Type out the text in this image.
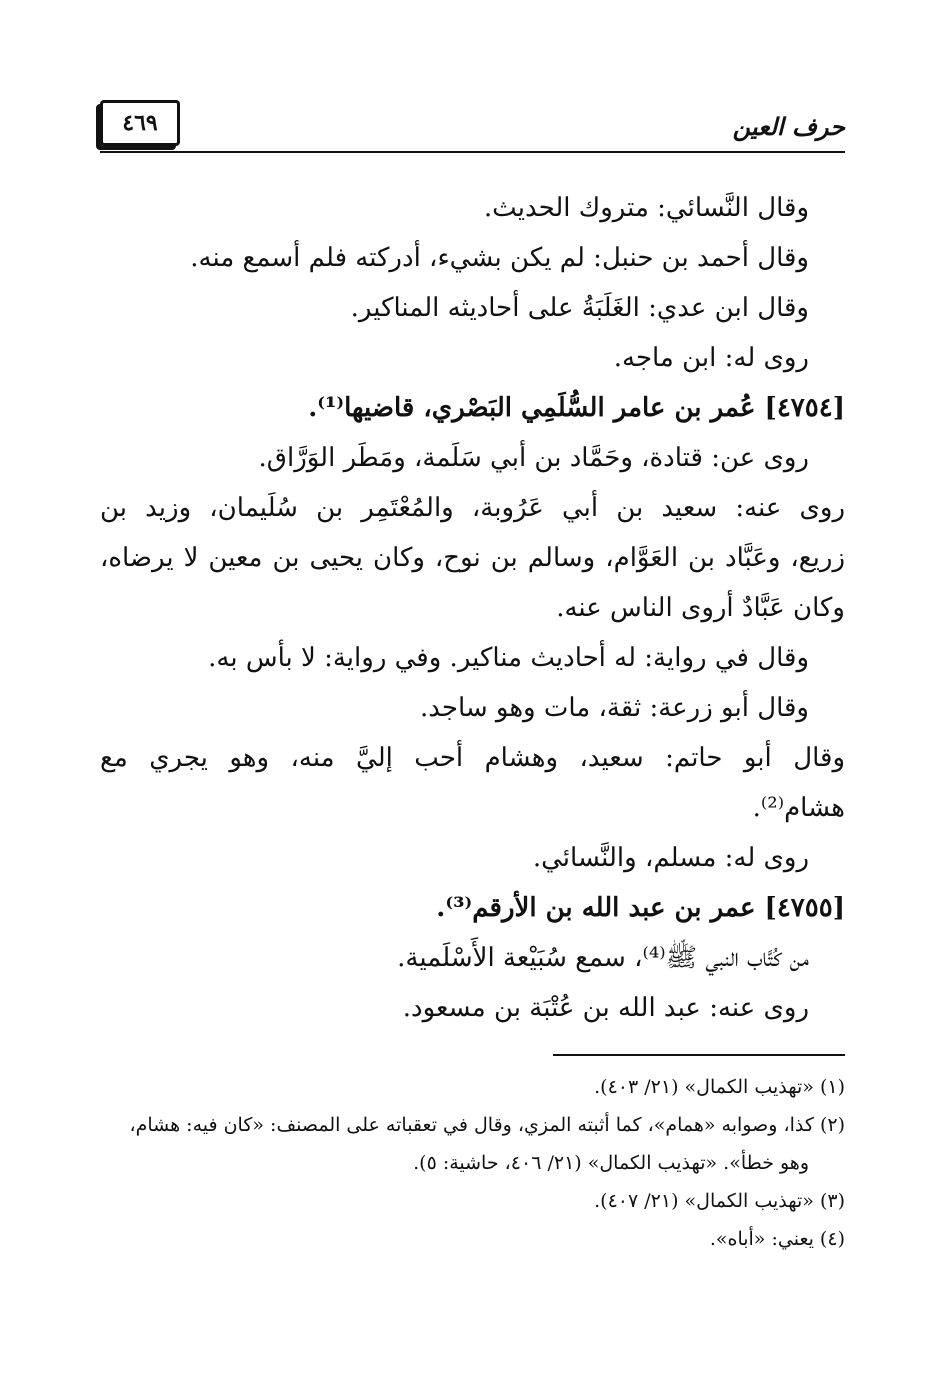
حرف العين
٤٦٩
وقال النَّسائي: متروك الحديث.
وقال أحمد بن حنبل: لم يكن بشيء، أدركته فلم أسمع منه.
وقال ابن عدي: الغَلَبَةُ على أحاديثه المناكير.
روى له: ابن ماجه.
[٤٧٥٤] عُمر بن عامر السُّلَمِي البَصْري، قاضيها⁽¹⁾.
روى عن: قتادة، وحَمَّاد بن أبي سَلَمة، ومَطَر الوَرَّاق.
روى عنه: سعيد بن أبي عَرُوبة، والمُعْتَمِر بن سُلَيمان، وزيد بن
زريع، وعَبَّاد بن العَوَّام، وسالم بن نوح، وكان يحيى بن معين لا يرضاه،
وكان عَبَّادٌ أروى الناس عنه.
وقال في رواية: له أحاديث مناكير. وفي رواية: لا بأس به.
وقال أبو زرعة: ثقة، مات وهو ساجد.
وقال أبو حاتم: سعيد، وهشام أحب إليَّ منه، وهو يجري مع
هشام⁽²⁾.
روى له: مسلم، والنَّسائي.
[٤٧٥٥] عمر بن عبد الله بن الأرقم⁽³⁾.
من كُتَّاب النبي ﷺ⁽⁴⁾، سمع سُبَيْعة الأَسْلَمية.
روى عنه: عبد الله بن عُتْبَة بن مسعود.
(١) «تهذيب الكمال» (٢١/ ٤٠٣).
(٢) كذا، وصوابه «همام»، كما أثبته المزي، وقال في تعقباته على المصنف: «كان فيه: هشام،
وهو خطأ». «تهذيب الكمال» (٢١/ ٤٠٦، حاشية: ٥).
(٣) «تهذيب الكمال» (٢١/ ٤٠٧).
(٤) يعني: «أباه».
